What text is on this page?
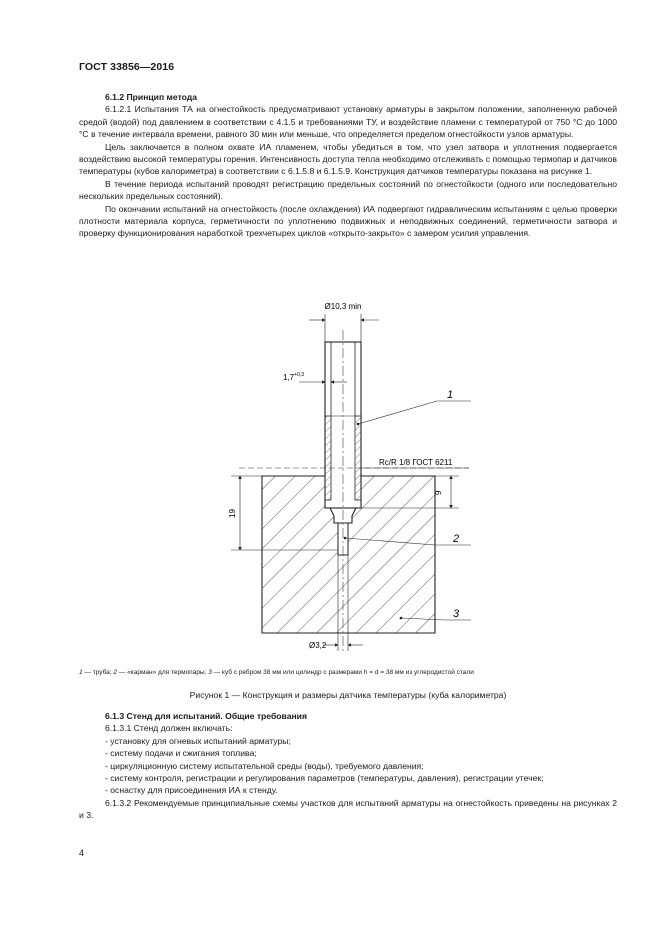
ГОСТ 33856—2016

6.1.2 Принцип метода

6.1.2.1 Испытания ТА на огнестойкость предусматривают установку арматуры в закрытом положении, заполненную рабочей средой (водой) под давлением в соответствии с 4.1.5 и требованиями ТУ, и воздействие пламени с температурой от 750 °С до 1000 °С в течение интервала времени, равного 30 мин или меньше, что определяется пределом огнестойкости узлов арматуры.

Цель заключается в полном охвате ИА пламенем, чтобы убедиться в том, что узел затвора и уплотнения подвергается воздействию высокой температуры горения. Интенсивность доступа тепла необходимо отслеживать с помощью термопар и датчиков температуры (кубов калориметра) в соответствии с 6.1.5.8 и 6.1.5.9. Конструкция датчиков температуры показана на рисунке 1.

В течение периода испытаний проводят регистрацию предельных состояний по огнестойкости (одного или последовательно нескольких предельных состояний).

По окончании испытаний на огнестойкость (после охлаждения) ИА подвергают гидравлическим испытаниям с целью проверки плотности материала корпуса, герметичности по уплотнению подвижных и неподвижных соединений, герметичности затвора и проверку функционирования наработкой трехчетырех циклов «открыто-закрыто» с замером усилия управления.

Ø10,3 min
$1,7^{+0,3}$
Rc/R 1/8 ГОСТ 6211
9
19
Ø3,2
1
2
3
1 — труба; 2 — «карман» для термопары; 3 — куб с ребром 38 мм или цилиндр с размерами h = d = 38 мм из углеродистой стали
Рисунок 1 — Конструкция и размеры датчика температуры (куба калориметра)

6.1.3 Стенд для испытаний. Общие требования

6.1.3.1 Стенд должен включать:

- установку для огневых испытаний арматуры;

- систему подачи и сжигания топлива;

- циркуляционную систему испытательной среды (воды), требуемого давления;

- систему контроля, регистрации и регулирования параметров (температуры, давления), регистрации утечек;

- оснастку для присоединения ИА к стенду.

6.1.3.2 Рекомендуемые принципиальные схемы участков для испытаний арматуры на огнестойкость приведены на рисунках 2 и 3.

4
